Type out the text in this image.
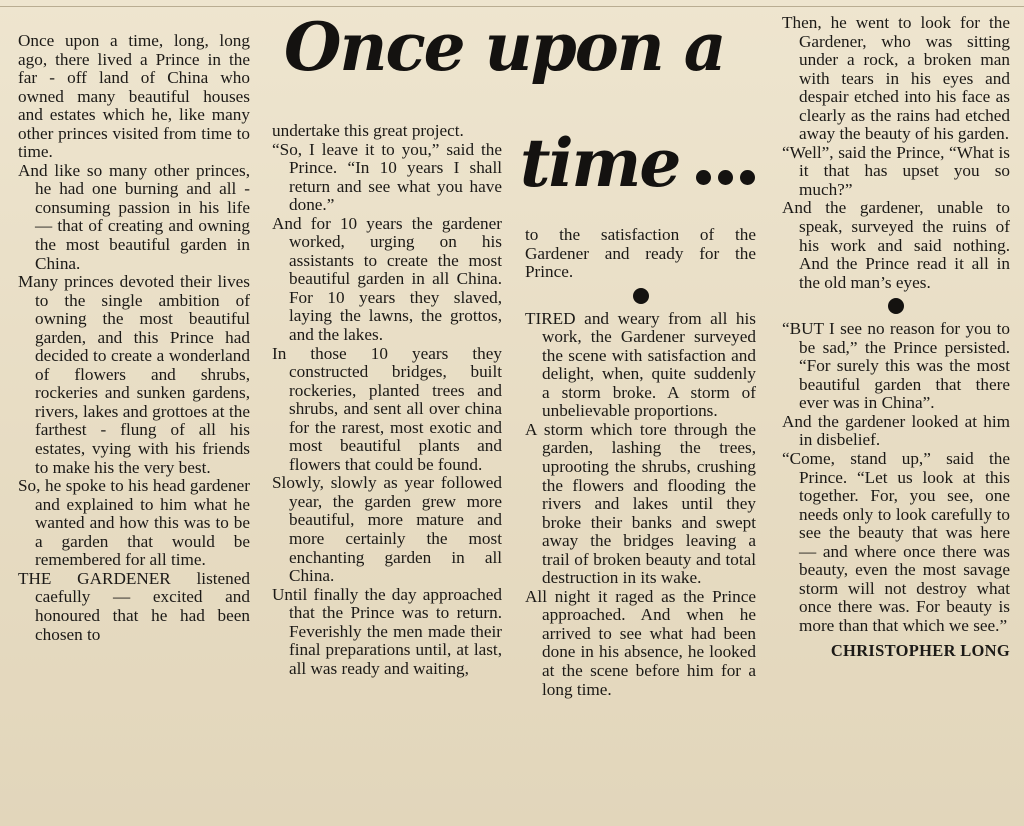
Once upon a
time

Once upon a time, long, long ago, there lived a Prince in the far - off land of China who owned many beautiful houses and estates which he, like many other princes visited from time to time.

And like so many other princes, he had one burning and all - consuming passion in his life — that of creating and owning the most beautiful garden in China.

Many princes devoted their lives to the single ambition of owning the most beautiful garden, and this Prince had decided to create a wonderland of flowers and shrubs, rockeries and sunken gardens, rivers, lakes and grottoes at the farthest - flung of all his estates, vying with his friends to make his the very best.

So, he spoke to his head gardener and explained to him what he wanted and how this was to be a garden that would be remembered for all time.

THE GARDENER listened caefully — excited and honoured that he had been chosen to

undertake this great project.

“So, I leave it to you,” said the Prince. “In 10 years I shall return and see what you have done.”

And for 10 years the gardener worked, urging on his assistants to create the most beautiful garden in all China. For 10 years they slaved, laying the lawns, the grottos, and the lakes.

In those 10 years they constructed bridges, built rockeries, planted trees and shrubs, and sent all over china for the rarest, most exotic and most beautiful plants and flowers that could be found.

Slowly, slowly as year followed year, the garden grew more beautiful, more mature and more certainly the most enchanting garden in all China.

Until finally the day approached that the Prince was to return. Feverishly the men made their final preparations until, at last, all was ready and waiting,

to the satisfaction of the Gardener and ready for the Prince.

TIRED and weary from all his work, the Gardener surveyed the scene with satisfaction and delight, when, quite suddenly a storm broke. A storm of unbelievable proportions.

A storm which tore through the garden, lashing the trees, uprooting the shrubs, crushing the flowers and flooding the rivers and lakes until they broke their banks and swept away the bridges leaving a trail of broken beauty and total destruction in its wake.

All night it raged as the Prince approached. And when he arrived to see what had been done in his absence, he looked at the scene before him for a long time.

Then, he went to look for the Gardener, who was sitting under a rock, a broken man with tears in his eyes and despair etched into his face as clearly as the rains had etched away the beauty of his garden.

“Well”, said the Prince, “What is it that has upset you so much?”

And the gardener, unable to speak, surveyed the ruins of his work and said nothing. And the Prince read it all in the old man’s eyes.

“BUT I see no reason for you to be sad,” the Prince persisted. “For surely this was the most beautiful garden that there ever was in China”.

And the gardener looked at him in disbelief.

“Come, stand up,” said the Prince. “Let us look at this together. For, you see, one needs only to look carefully to see the beauty that was here — and where once there was beauty, even the most savage storm will not destroy what once there was. For beauty is more than that which we see.”

CHRISTOPHER LONG
